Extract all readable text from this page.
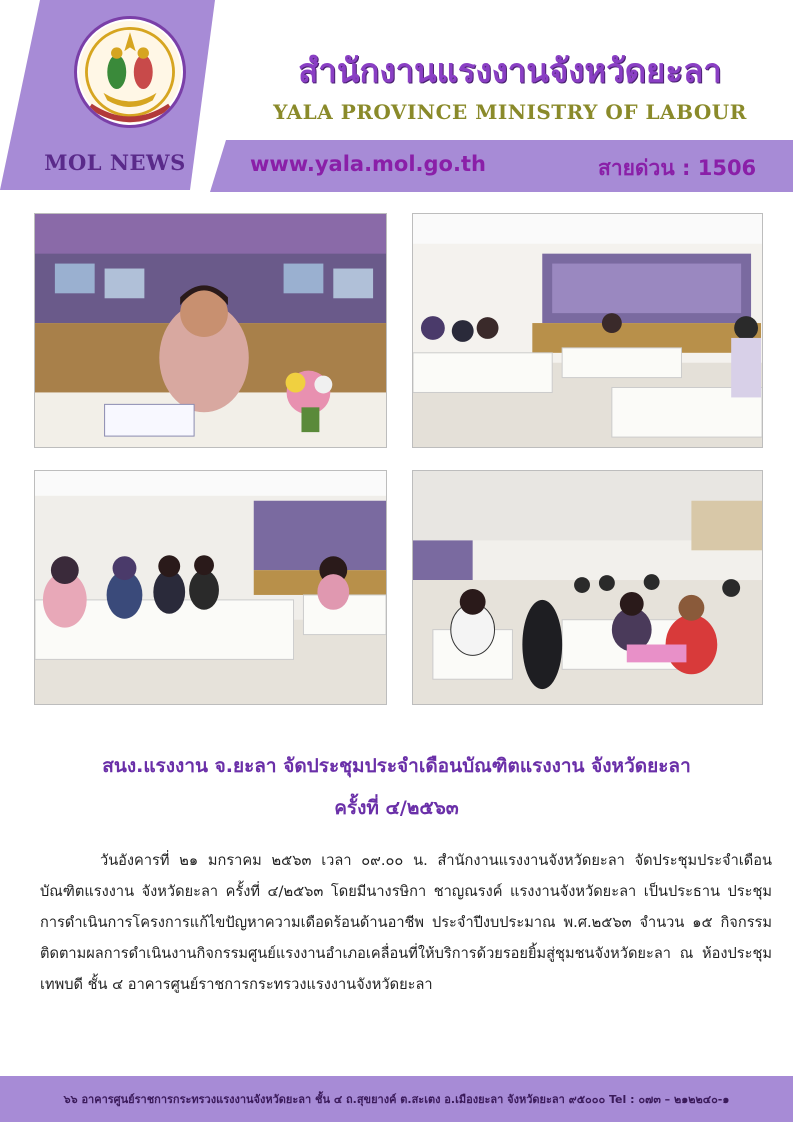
MOL NEWS
สำนักงานแรงงานจังหวัดยะลา
YALA PROVINCE MINISTRY OF LABOUR
www.yala.mol.go.th	สายด่วน : 1506
สนง.แรงงาน จ.ยะลา จัดประชุมประจำเดือนบัณฑิตแรงงาน จังหวัดยะลา
ครั้งที่ ๔/๒๕๖๓
วันอังคารที่ ๒๑ มกราคม ๒๕๖๓ เวลา ๐๙.๐๐ น. สำนักงานแรงงานจังหวัดยะลา จัดประชุมประจำเดือนบัณฑิตแรงงาน จังหวัดยะลา ครั้งที่ ๔/๒๕๖๓ โดยมีนางรษิกา ชาญณรงค์ แรงงานจังหวัดยะลา เป็นประธาน ประชุมการดำเนินการโครงการแก้ไขปัญหาความเดือดร้อนด้านอาชีพ ประจำปีงบประมาณ พ.ศ.๒๕๖๓ จำนวน ๑๕ กิจกรรม ติดตามผลการดำเนินงานกิจกรรมศูนย์แรงงานอำเภอเคลื่อนที่ให้บริการด้วยรอยยิ้มสู่ชุมชนจังหวัดยะลา ณ ห้องประชุมเทพบดี ชั้น ๔ อาคารศูนย์ราชการกระทรวงแรงงานจังหวัดยะลา
๖๖ อาคารศูนย์ราชการกระทรวงแรงงานจังหวัดยะลา ชั้น ๔ ถ.สุขยางค์ ต.สะเตง อ.เมืองยะลา จังหวัดยะลา ๙๕๐๐๐ Tel : ๐๗๓ – ๒๑๒๒๔๐-๑
